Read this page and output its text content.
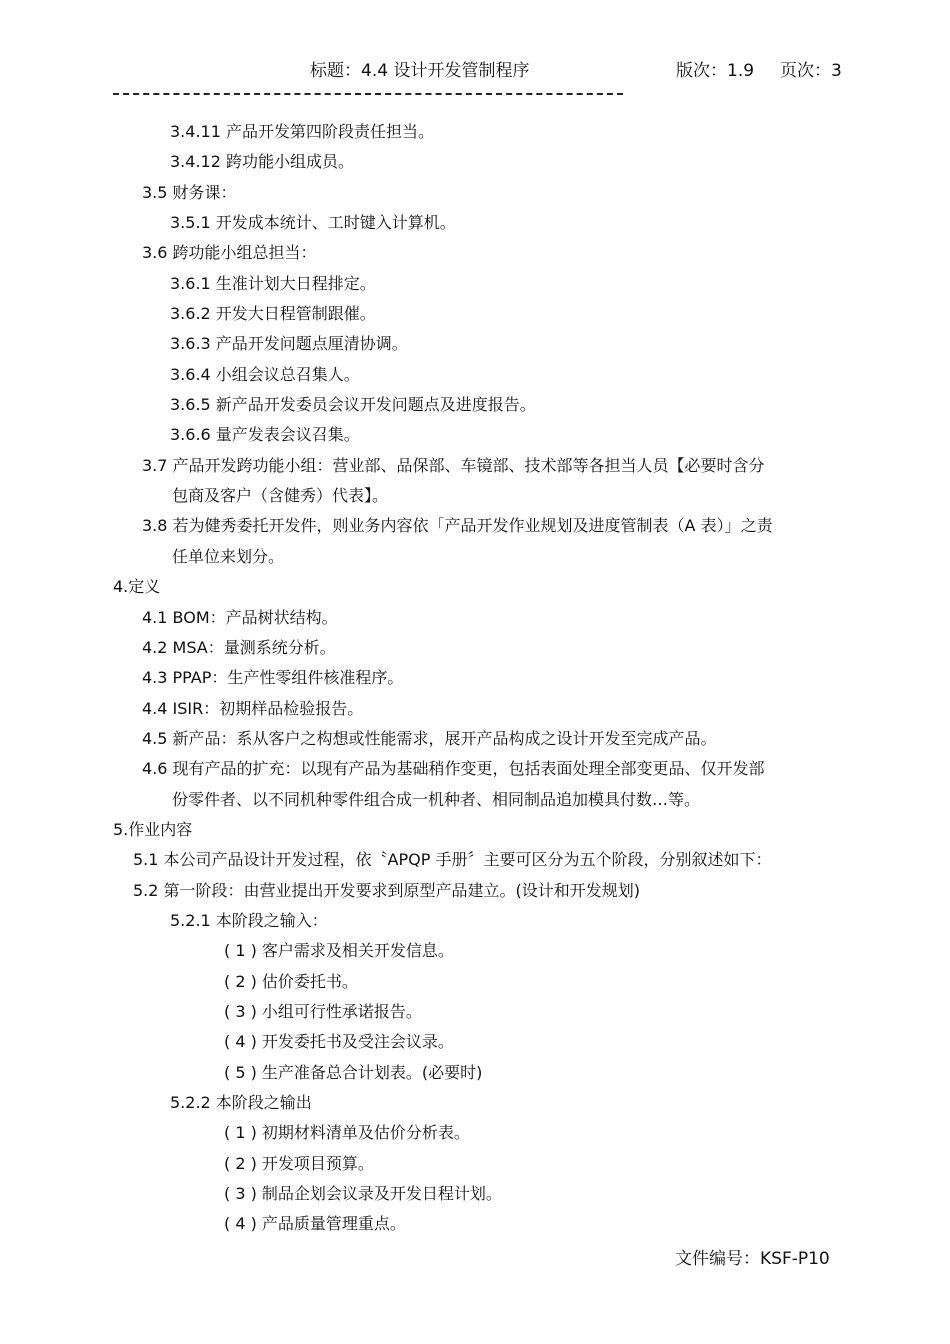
标题：4.4 设计开发管制程序	版次：1.9 页次：3
3.4.11 产品开发第四阶段责任担当。
3.4.12 跨功能小组成员。
3.5 财务课：
3.5.1 开发成本统计、工时键入计算机。
3.6 跨功能小组总担当：
3.6.1 生准计划大日程排定。
3.6.2 开发大日程管制跟催。
3.6.3 产品开发问题点厘清协调。
3.6.4 小组会议总召集人。
3.6.5 新产品开发委员会议开发问题点及进度报告。
3.6.6 量产发表会议召集。
3.7 产品开发跨功能小组：营业部、品保部、车镜部、技术部等各担当人员【必要时含分
包商及客户（含健秀）代表】。
3.8 若为健秀委托开发件，则业务内容依「产品开发作业规划及进度管制表（A 表）」之责
任单位来划分。
4.定义
4.1 BOM：产品树状结构。
4.2 MSA：量测系统分析。
4.3 PPAP：生产性零组件核准程序。
4.4 ISIR：初期样品检验报告。
4.5 新产品：系从客户之构想或性能需求，展开产品构成之设计开发至完成产品。
4.6 现有产品的扩充：以现有产品为基础稍作变更，包括表面处理全部变更品、仅开发部
份零件者、以不同机种零件组合成一机种者、相同制品追加模具付数…等。
5.作业内容
5.1 本公司产品设计开发过程，依〝APQP 手册〞主要可区分为五个阶段，分别叙述如下：
5.2 第一阶段：由营业提出开发要求到原型产品建立。(设计和开发规划)
5.2.1 本阶段之输入：
( 1 ) 客户需求及相关开发信息。
( 2 ) 估价委托书。
( 3 ) 小组可行性承诺报告。
( 4 ) 开发委托书及受注会议录。
( 5 ) 生产准备总合计划表。(必要时)
5.2.2 本阶段之输出
( 1 ) 初期材料清单及估价分析表。
( 2 ) 开发项目预算。
( 3 ) 制品企划会议录及开发日程计划。
( 4 ) 产品质量管理重点。
文件编号：KSF-P10
